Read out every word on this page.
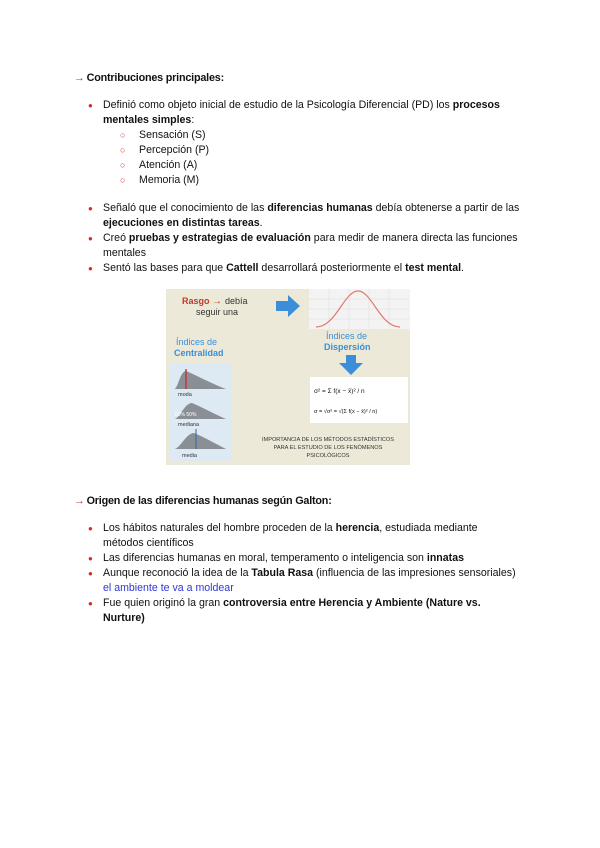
→ Contribuciones principales:
● Definió como objeto inicial de estudio de la Psicología Diferencial (PD) los procesos mentales simples:
○ Sensación (S)
○ Percepción (P)
○ Atención (A)
○ Memoria (M)
● Señaló que el conocimiento de las diferencias humanas debía obtenerse a partir de las ejecuciones en distintas tareas.
● Creó pruebas y estrategias de evaluación para medir de manera directa las funciones mentales
● Sentó las bases para que Cattell desarrollará posteriormente el test mental.
Rasgo → debía
seguir una
Índices de
Centralidad
moda
50% 50%
mediana
media
Índices de
Dispersión
σ² = Σ f(x − x̄)² / n
σ = √σ² = √(Σ f(x − x̄)² / n)
IMPORTANCIA DE LOS MÉTODOS ESTADÍSTICOS
PARA EL ESTUDIO DE LOS FENÓMENOS
PSICOLÓGICOS
→ Origen de las diferencias humanas según Galton:
● Los hábitos naturales del hombre proceden de la herencia, estudiada mediante métodos científicos
● Las diferencias humanas en moral, temperamento o inteligencia son innatas
● Aunque reconoció la idea de la Tabula Rasa (influencia de las impresiones sensoriales) el ambiente te va a moldear
● Fue quien originó la gran controversia entre Herencia y Ambiente (Nature vs. Nurture)
